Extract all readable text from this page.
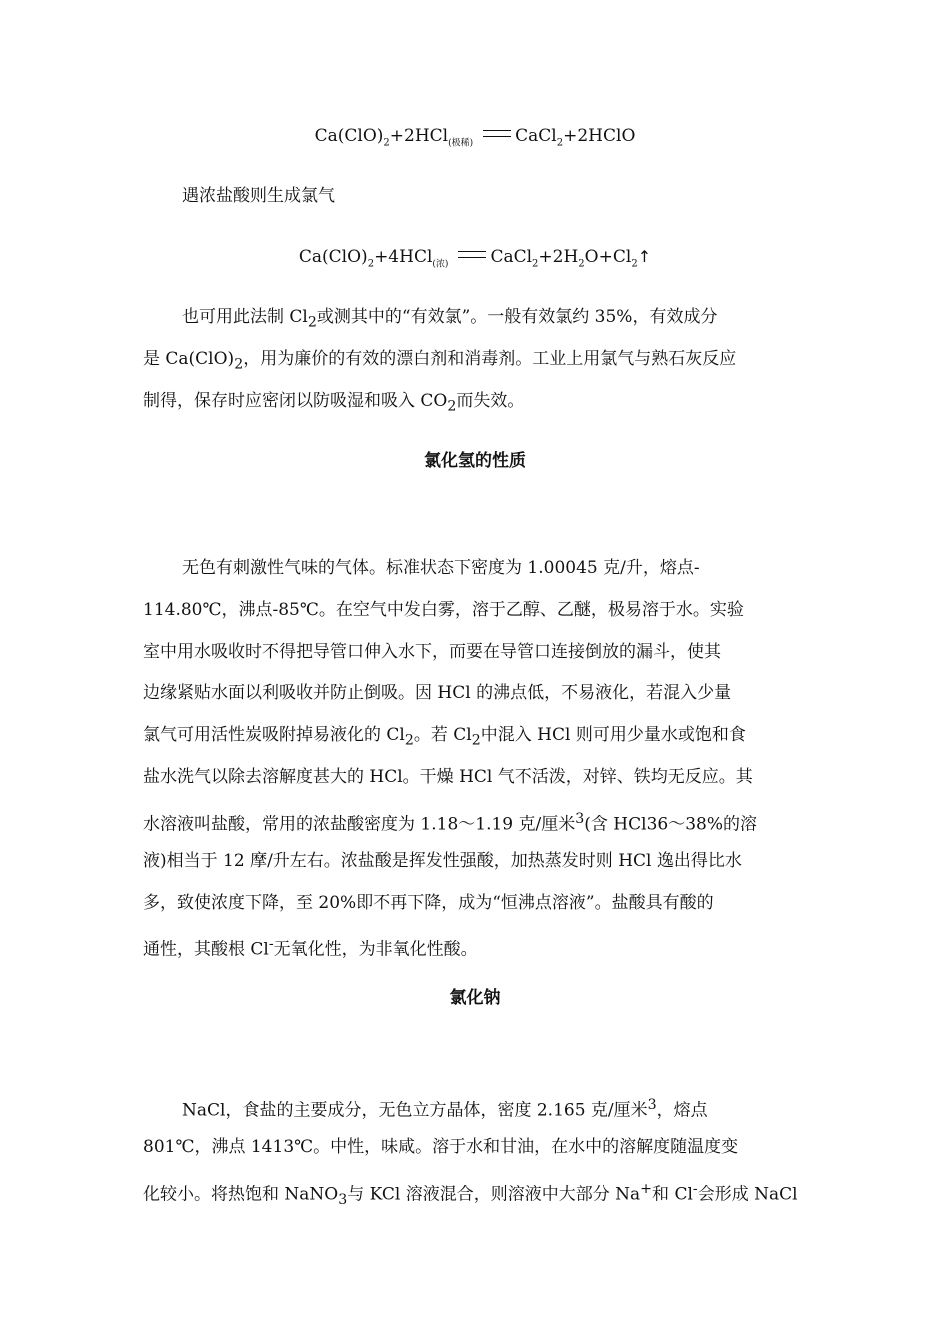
$Ca(ClO)_2+2HCl_{(极稀)}$ CaCl$_2$+2HClO
遇浓盐酸则生成氯气
$Ca(ClO)_2+4HCl_{(浓)}$ $CaCl_2+2H_2O+Cl_2↑$
也可用此法制 $Cl_2$或测其中的“有效氯”。一般有效氯约 35%，有效成分
是 $Ca(ClO)_2$，用为廉价的有效的漂白剂和消毒剂。工业上用氯气与熟石灰反应
制得，保存时应密闭以防吸湿和吸入 $CO_2$而失效。
氯化氢的性质
无色有刺激性气味的气体。标准状态下密度为 1.00045 克/升，熔点-
114.80℃，沸点-85℃。在空气中发白雾，溶于乙醇、乙醚，极易溶于水。实验
室中用水吸收时不得把导管口伸入水下，而要在导管口连接倒放的漏斗，使其
边缘紧贴水面以利吸收并防止倒吸。因 HCl 的沸点低，不易液化，若混入少量
氯气可用活性炭吸附掉易液化的 $Cl_2$。若 $Cl_2$中混入 HCl 则可用少量水或饱和食
盐水洗气以除去溶解度甚大的 HCl。干燥 HCl 气不活泼，对锌、铁均无反应。其
水溶液叫盐酸，常用的浓盐酸密度为 1.18～1.19 克/厘米$^3$(含 HCl36～38%的溶
液)相当于 12 摩/升左右。浓盐酸是挥发性强酸，加热蒸发时则 HCl 逸出得比水
多，致使浓度下降，至 20%即不再下降，成为“恒沸点溶液”。盐酸具有酸的
通性，其酸根 Cl-无氧化性，为非氧化性酸。
氯化钠
NaCl，食盐的主要成分，无色立方晶体，密度 2.165 克/厘米$^3$，熔点
801℃，沸点 1413℃。中性，味咸。溶于水和甘油，在水中的溶解度随温度变
化较小。将热饱和 NaNO$_3$与 KCl 溶液混合，则溶液中大部分 Na+和 Cl-会形成 NaCl
